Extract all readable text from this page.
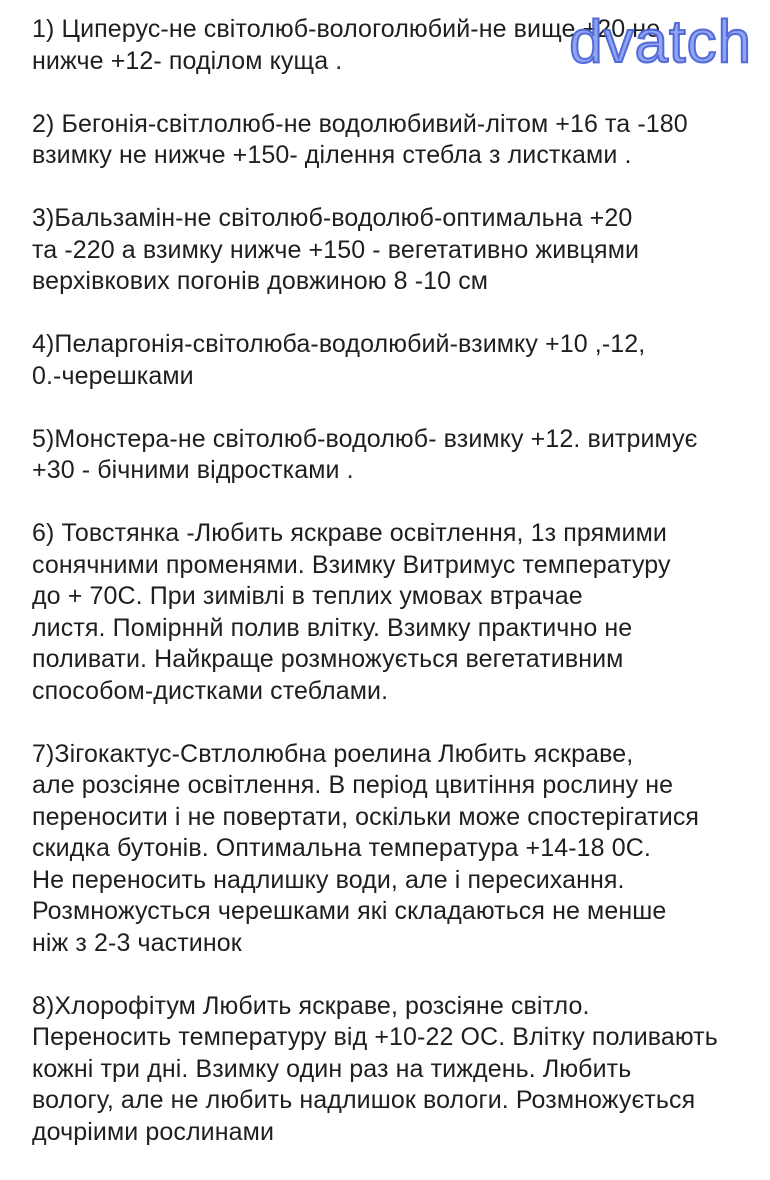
1) Циперус-не світолюб-вологолюбий-не вище +20 не
нижче +12- поділом куща .
2) Бегонія-світлолюб-не водолюбивий-літом +16 та -180
взимку не нижче +150- ділення стебла з листками .
3)Бальзамін-не світолюб-водолюб-оптимальна +20
та -220 а взимку нижче +150 - вегетативно живцями
верхівкових погонів довжиною 8 -10 см
4)Пеларгонія-світолюба-водолюбий-взимку +10 ,-12,
0.-черешками
5)Монстера-не світолюб-водолюб- взимку +12. витримує
+30 - бічними відростками .
6) Товстянка -Любить яскраве освітлення, 1з прямими
сонячними променями. Взимку Витримус температуру
до + 70С. При зимівлі в теплих умовах втрачае
листя. Помірннй полив влітку. Взимку практично не
поливати. Найкраще розмножується вегетативним
способом-дистками стеблами.
7)Зігокактус-Свтлолюбна роелина Любить яскраве,
але розсіяне освітлення. В період цвитіння рослину не
переносити і не повертати, оскільки може спостерігатися
скидка бутонів. Оптимальна температура +14-18 0С.
Не переносить надлишку води, але і пересихання.
Розмножусться черешками які складаються не менше
ніж з 2-3 частинок
8)Хлорофітум Любить яскраве, розсіяне світло.
Переносить температуру від +10-22 ОС. Влітку поливають
кожні три дні. Взимку один раз на тиждень. Любить
вологу, але не любить надлишок вологи. Розмножується
дочріими рослинами
dvatch
